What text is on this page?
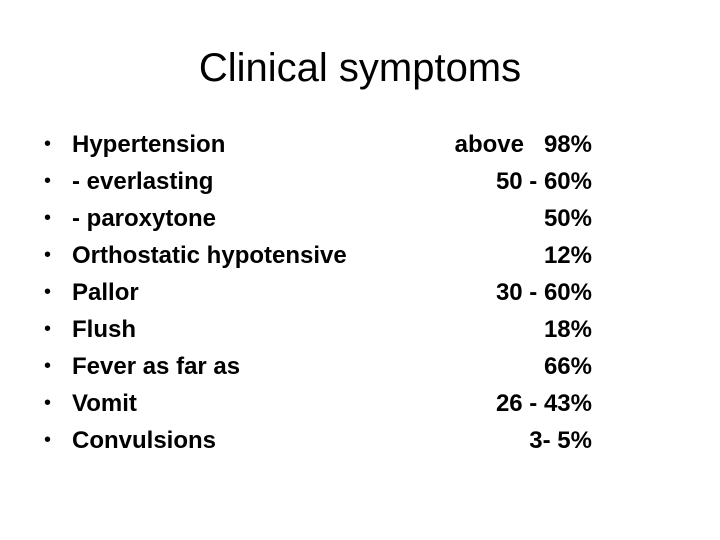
Clinical symptoms
• Hypertension	above   98%
• - everlasting	50 - 60%
• - paroxytone	50%
• Orthostatic hypotensive	12%
• Pallor	30 - 60%
• Flush	18%
• Fever as far as	66%
• Vomit	26 - 43%
• Convulsions	3- 5%
